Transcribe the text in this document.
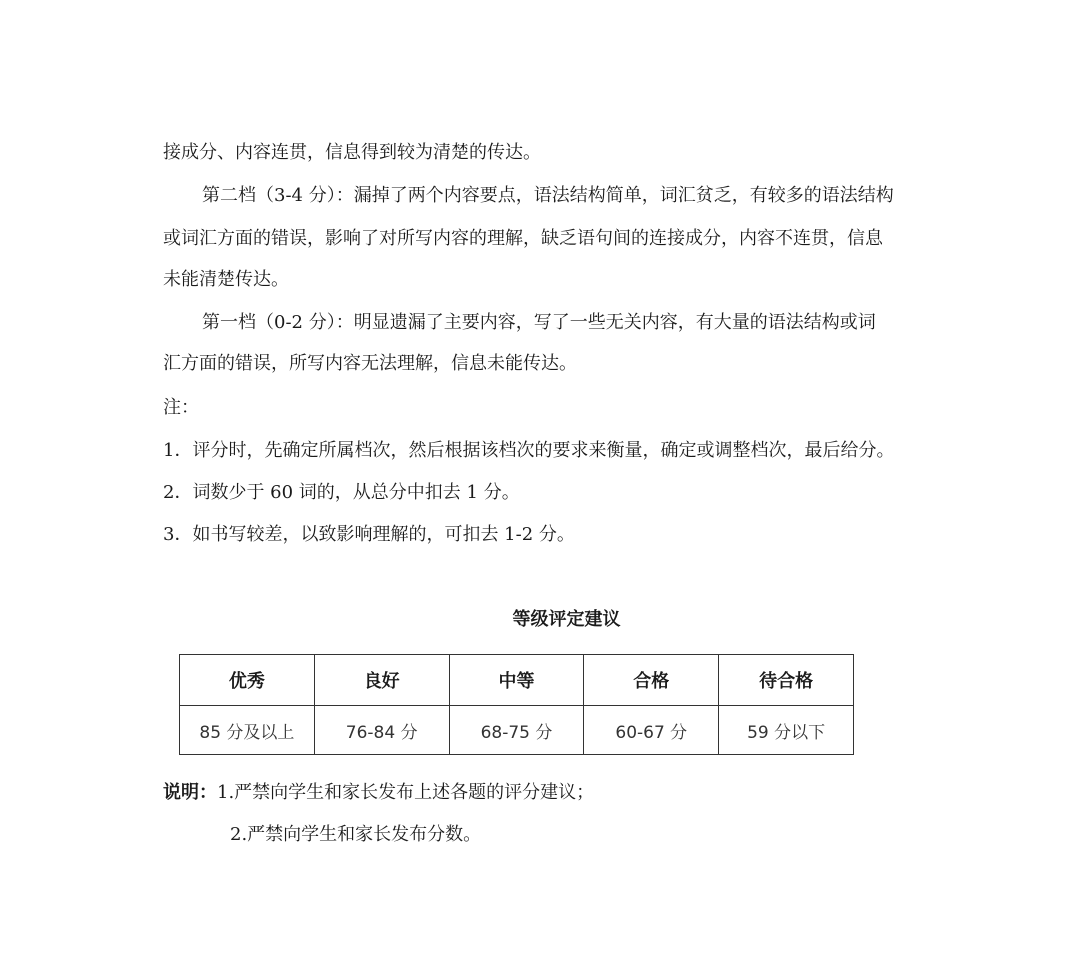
接成分、内容连贯，信息得到较为清楚的传达。
第二档（3-4 分）：漏掉了两个内容要点，语法结构简单，词汇贫乏，有较多的语法结构
或词汇方面的错误，影响了对所写内容的理解，缺乏语句间的连接成分，内容不连贯，信息
未能清楚传达。
第一档（0-2 分）：明显遗漏了主要内容，写了一些无关内容，有大量的语法结构或词
汇方面的错误，所写内容无法理解，信息未能传达。
注：
1．评分时，先确定所属档次，然后根据该档次的要求来衡量，确定或调整档次，最后给分。
2．词数少于 60 词的，从总分中扣去 1 分。
3．如书写较差，以致影响理解的，可扣去 1-2 分。
等级评定建议
优秀	良好	中等	合格	待合格
85 分及以上	76-84 分	68-75 分	60-67 分	59 分以下
说明：1.严禁向学生和家长发布上述各题的评分建议；
2.严禁向学生和家长发布分数。
